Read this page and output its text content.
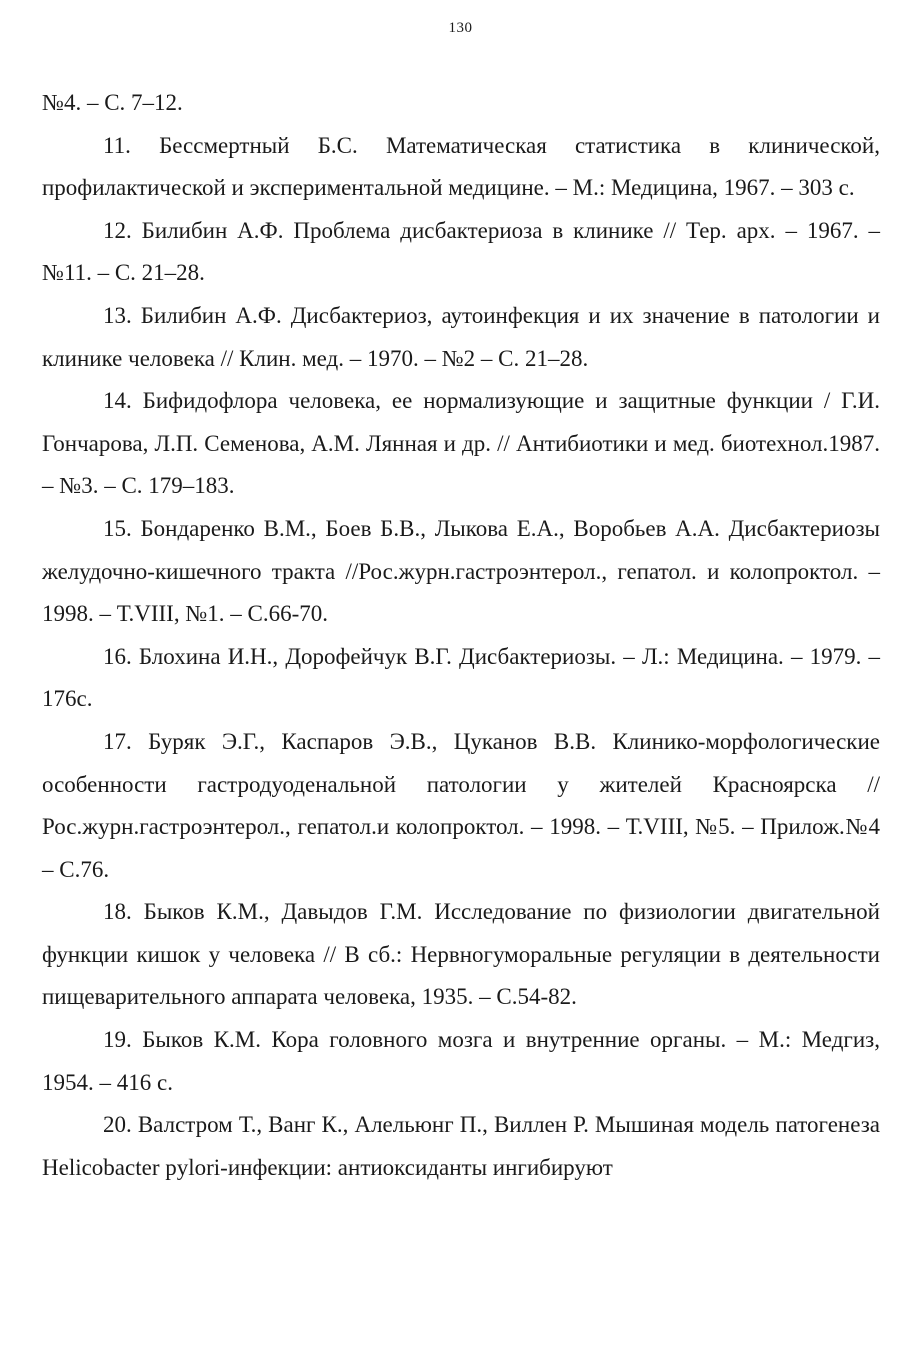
130

№4. – С. 7–12.

11. Бессмертный Б.С. Математическая статистика в клинической, профилактической и экспериментальной медицине. – М.: Медицина, 1967. – 303 с.

12. Билибин А.Ф. Проблема дисбактериоза в клинике // Тер. арх. – 1967. – №11. – С. 21–28.

13. Билибин А.Ф. Дисбактериоз, аутоинфекция и их значение в патологии и клинике человека // Клин. мед. – 1970. – №2 – С. 21–28.

14. Бифидофлора человека, ее нормализующие и защитные функции / Г.И. Гончарова, Л.П. Семенова, А.М. Лянная и др. // Антибиотики и мед. биотехнол.1987. – №3. – С. 179–183.

15. Бондаренко В.М., Боев Б.В., Лыкова Е.А., Воробьев А.А. Дисбактериозы желудочно-кишечного тракта //Рос.журн.гастроэнтерол., гепатол. и колопроктол. – 1998. – Т.VIII, №1. – С.66-70.

16. Блохина И.Н., Дорофейчук В.Г. Дисбактериозы. – Л.: Медицина. – 1979. – 176с.

17. Буряк Э.Г., Каспаров Э.В., Цуканов В.В. Клинико-морфологические особенности гастродуоденальной патологии у жителей Красноярска // Рос.журн.гастроэнтерол., гепатол.и колопроктол. – 1998. – Т.VIII, №5. – Прилож.№4 – С.76.

18. Быков К.М., Давыдов Г.М. Исследование по физиологии двигательной функции кишок у человека // В сб.: Нервногуморальные регуляции в деятельности пищеварительного аппарата человека, 1935. – С.54-82.

19. Быков К.М. Кора головного мозга и внутренние органы. – М.: Медгиз, 1954. – 416 с.

20. Валстром Т., Ванг К., Алельюнг П., Виллен Р. Мышиная модель патогенеза Helicobacter pylori-инфекции: антиоксиданты ингибируют
